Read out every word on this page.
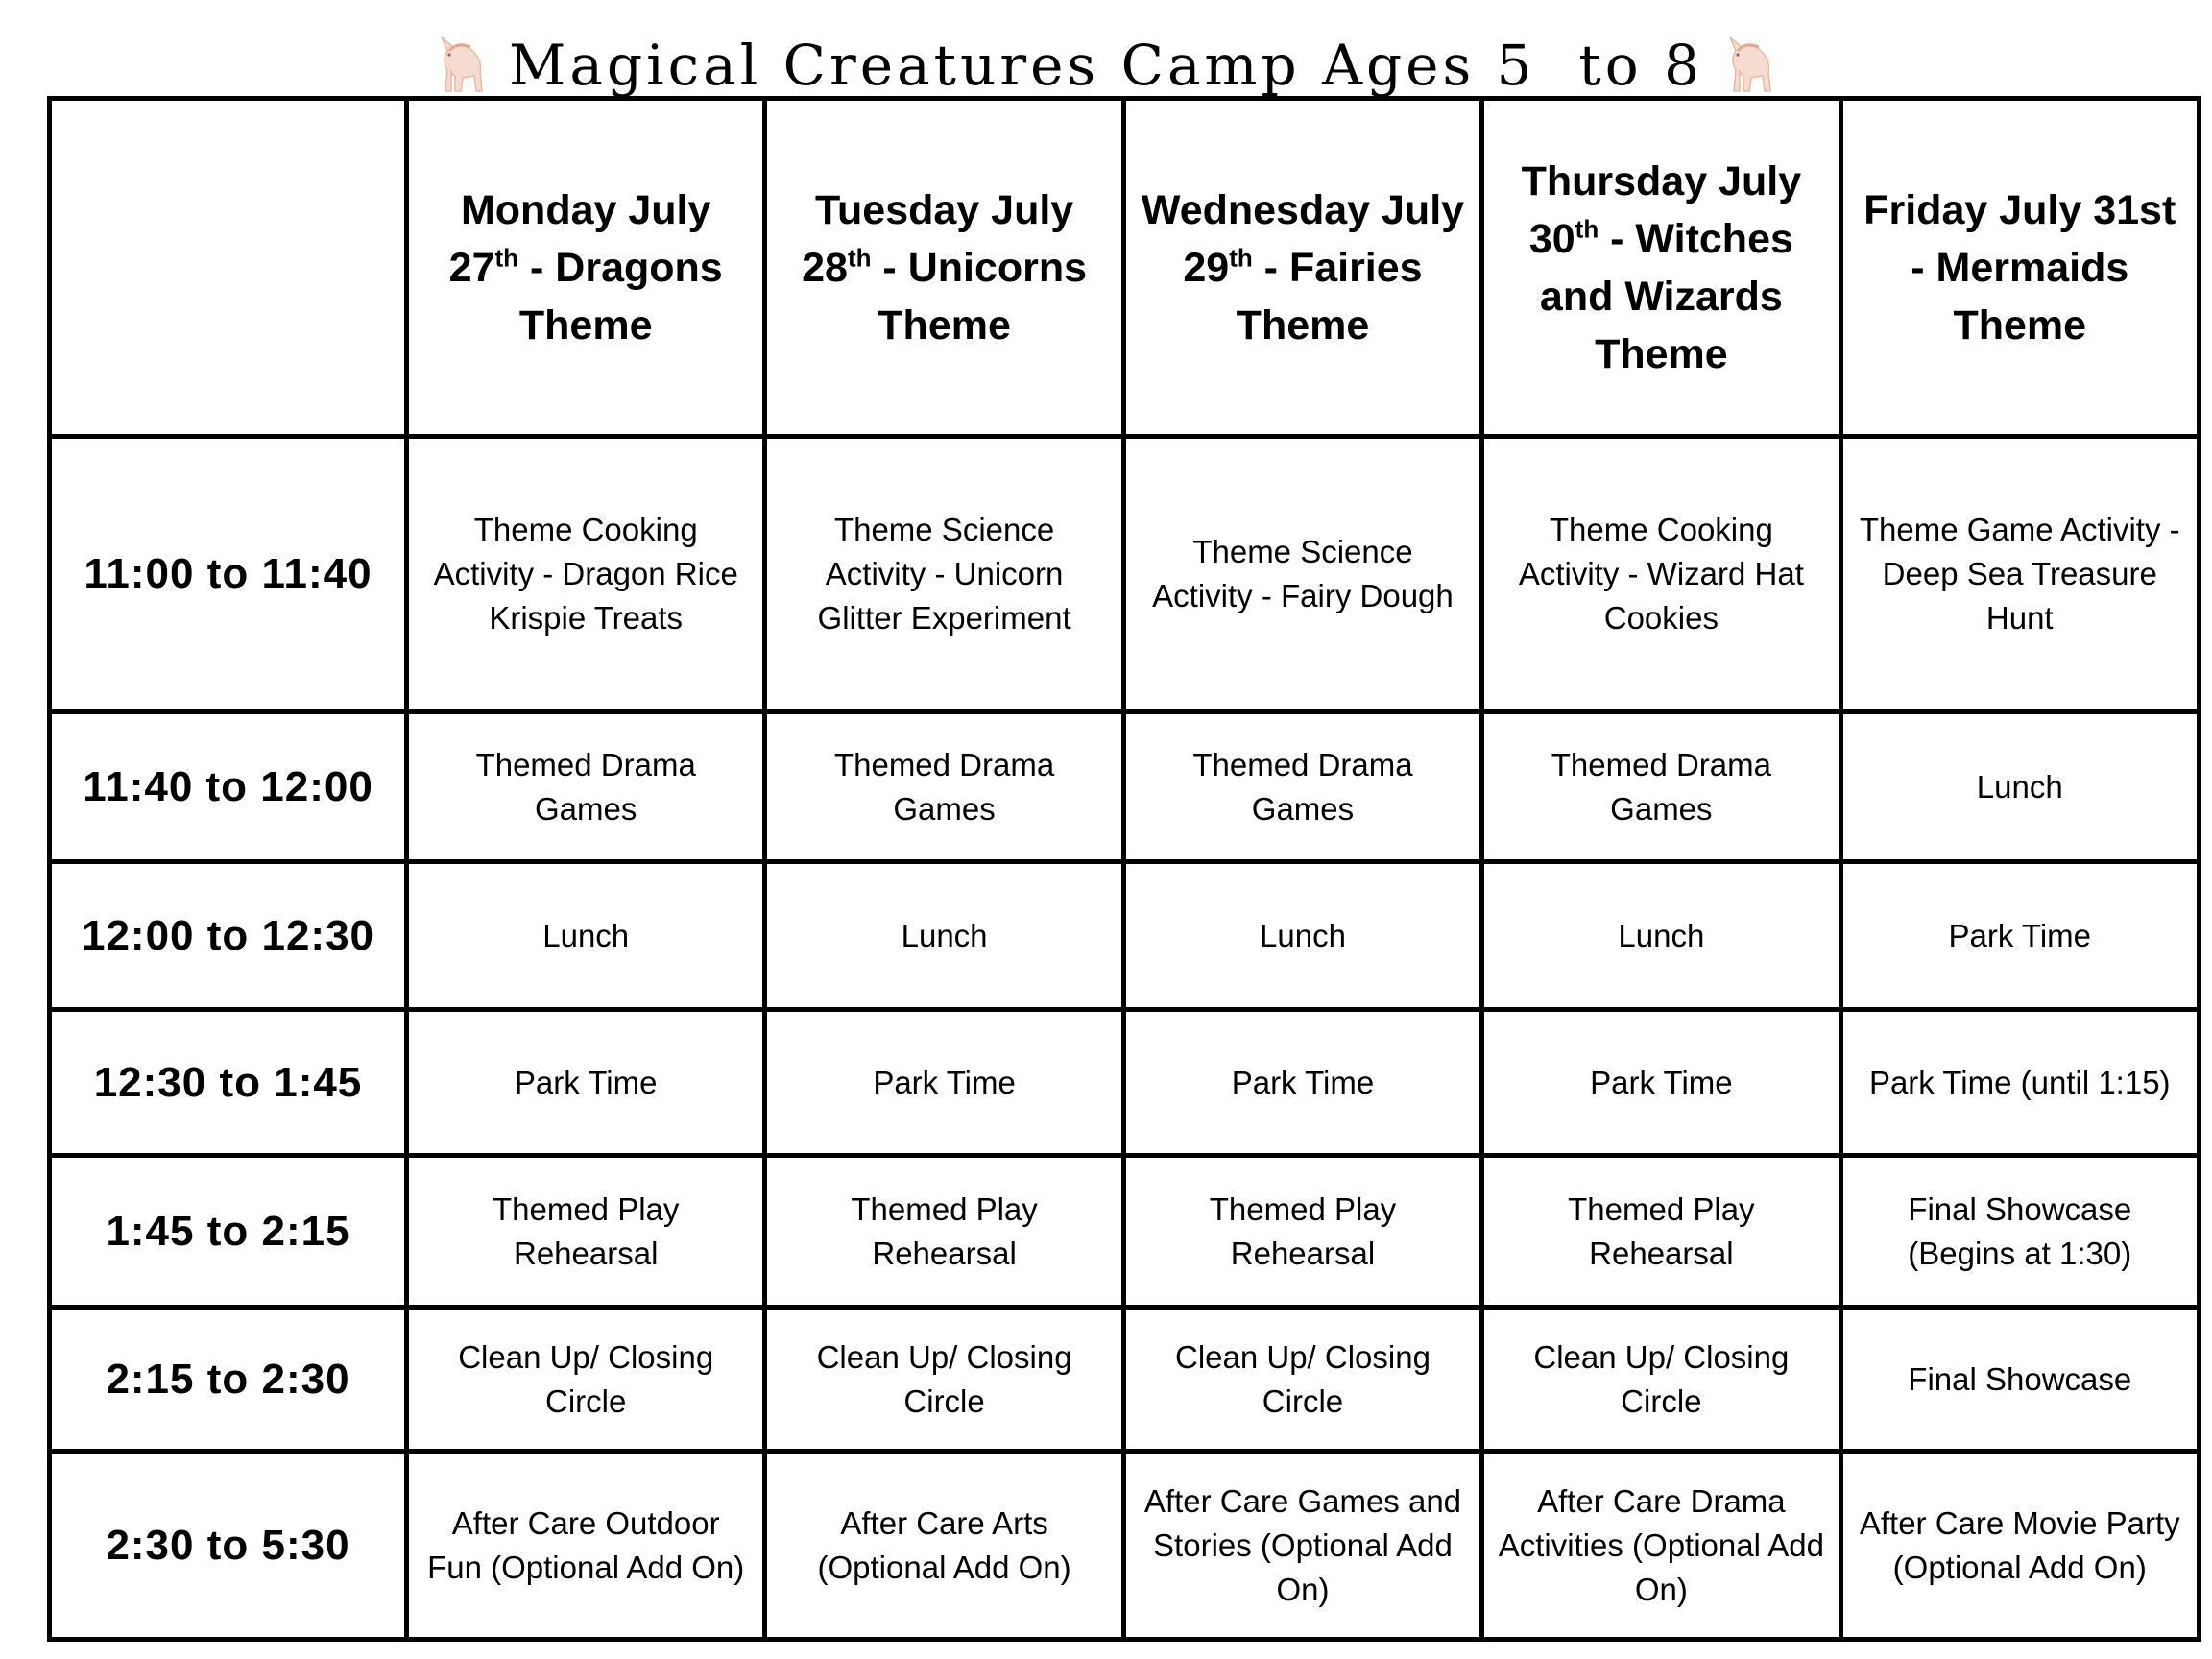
Magical Creatures Camp Ages 5  to 8
	Monday July 27th - Dragons Theme	Tuesday July 28th - Unicorns Theme	Wednesday July 29th - Fairies Theme	Thursday July 30th - Witches and Wizards Theme	Friday July 31st - Mermaids Theme
11:00 to 11:40	Theme Cooking Activity - Dragon Rice Krispie Treats	Theme Science Activity - Unicorn Glitter Experiment	Theme Science Activity - Fairy Dough	Theme Cooking Activity - Wizard Hat Cookies	Theme Game Activity -Deep Sea Treasure Hunt
11:40 to 12:00	Themed Drama Games	Themed Drama Games	Themed Drama Games	Themed Drama Games	Lunch
12:00 to 12:30	Lunch	Lunch	Lunch	Lunch	Park Time
12:30 to 1:45	Park Time	Park Time	Park Time	Park Time	Park Time (until 1:15)
1:45 to 2:15	Themed Play Rehearsal	Themed Play Rehearsal	Themed Play Rehearsal	Themed Play Rehearsal	Final Showcase (Begins at 1:30)
2:15 to 2:30	Clean Up/ Closing Circle	Clean Up/ Closing Circle	Clean Up/ Closing Circle	Clean Up/ Closing Circle	Final Showcase
2:30 to 5:30	After Care Outdoor Fun (Optional Add On)	After Care Arts (Optional Add On)	After Care Games and Stories (Optional Add On)	After Care Drama Activities (Optional Add On)	After Care Movie Party (Optional Add On)
